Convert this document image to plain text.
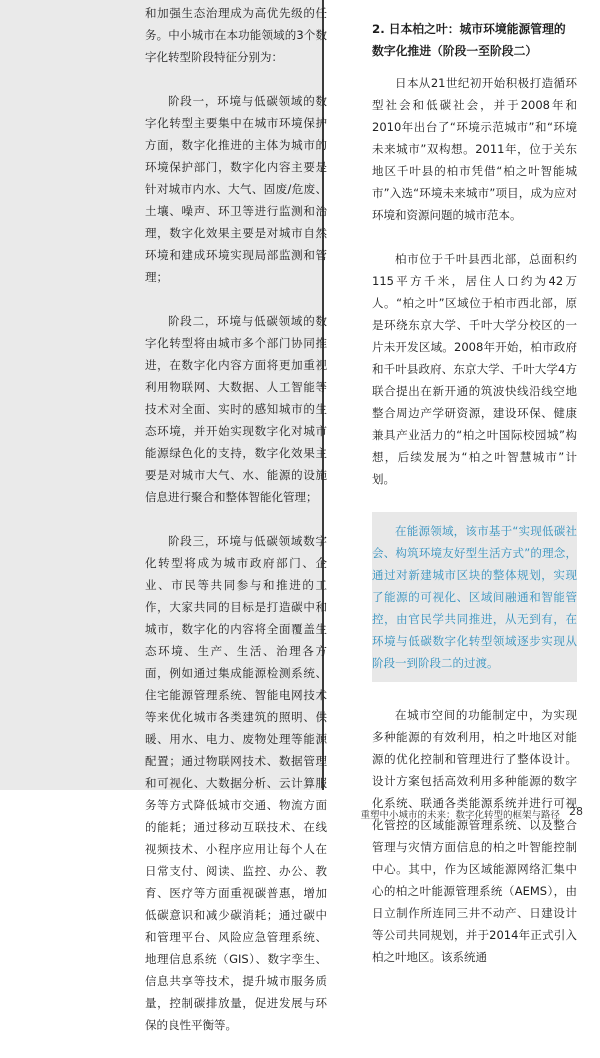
和加强生态治理成为高优先级的任务。中小城市在本功能领域的3个数字化转型阶段特征分别为：

阶段一，环境与低碳领域的数字化转型主要集中在城市环境保护方面，数字化推进的主体为城市的环境保护部门，数字化内容主要是针对城市内水、大气、固废/危废、土壤、噪声、环卫等进行监测和治理，数字化效果主要是对城市自然环境和建成环境实现局部监测和管理；

阶段二，环境与低碳领域的数字化转型将由城市多个部门协同推进，在数字化内容方面将更加重视利用物联网、大数据、人工智能等技术对全面、实时的感知城市的生态环境，并开始实现数字化对城市能源绿色化的支持，数字化效果主要是对城市大气、水、能源的设施信息进行聚合和整体智能化管理；

阶段三，环境与低碳领域数字化转型将成为城市政府部门、企业、市民等共同参与和推进的工作，大家共同的目标是打造碳中和城市，数字化的内容将全面覆盖生态环境、生产、生活、治理各方面，例如通过集成能源检测系统、住宅能源管理系统、智能电网技术等来优化城市各类建筑的照明、供暖、用水、电力、废物处理等能源配置；通过物联网技术、数据管理和可视化、大数据分析、云计算服务等方式降低城市交通、物流方面的能耗；通过移动互联技术、在线视频技术、小程序应用让每个人在日常支付、阅读、监控、办公、教育、医疗等方面重视碳普惠，增加低碳意识和减少碳消耗；通过碳中和管理平台、风险应急管理系统、地理信息系统（GIS）、数字孪生、信息共享等技术，提升城市服务质量，控制碳排放量，促进发展与环保的良性平衡等。

2. 日本柏之叶：城市环境能源管理的数字化推进（阶段一至阶段二）

日本从21世纪初开始积极打造循环型社会和低碳社会，并于2008年和2010年出台了“环境示范城市”和“环境未来城市”双构想。2011年，位于关东地区千叶县的柏市凭借“柏之叶智能城市”入选“环境未来城市”项目，成为应对环境和资源问题的城市范本。

柏市位于千叶县西北部，总面积约115平方千米，居住人口约为42万人。“柏之叶”区域位于柏市西北部，原是环绕东京大学、千叶大学分校区的一片未开发区域。2008年开始，柏市政府和千叶县政府、东京大学、千叶大学4方联合提出在新开通的筑波快线沿线空地整合周边产学研资源，建设环保、健康兼具产业活力的“柏之叶国际校园城”构想，后续发展为“柏之叶智慧城市”计划。

在能源领域，该市基于“实现低碳社会、构筑环境友好型生活方式”的理念，通过对新建城市区块的整体规划，实现了能源的可视化、区域间融通和智能管控，由官民学共同推进，从无到有，在环境与低碳数字化转型领域逐步实现从阶段一到阶段二的过渡。

在城市空间的功能制定中，为实现多种能源的有效利用，柏之叶地区对能源的优化控制和管理进行了整体设计。设计方案包括高效利用多种能源的数字化系统、联通各类能源系统并进行可视化管控的区域能源管理系统、以及整合管理与灾情方面信息的柏之叶智能控制中心。其中，作为区域能源网络汇集中心的柏之叶能源管理系统（AEMS），由日立制作所连同三井不动产、日建设计等公司共同规划，并于2014年正式引入柏之叶地区。该系统通

重塑中小城市的未来：数字化转型的框架与路径 28
